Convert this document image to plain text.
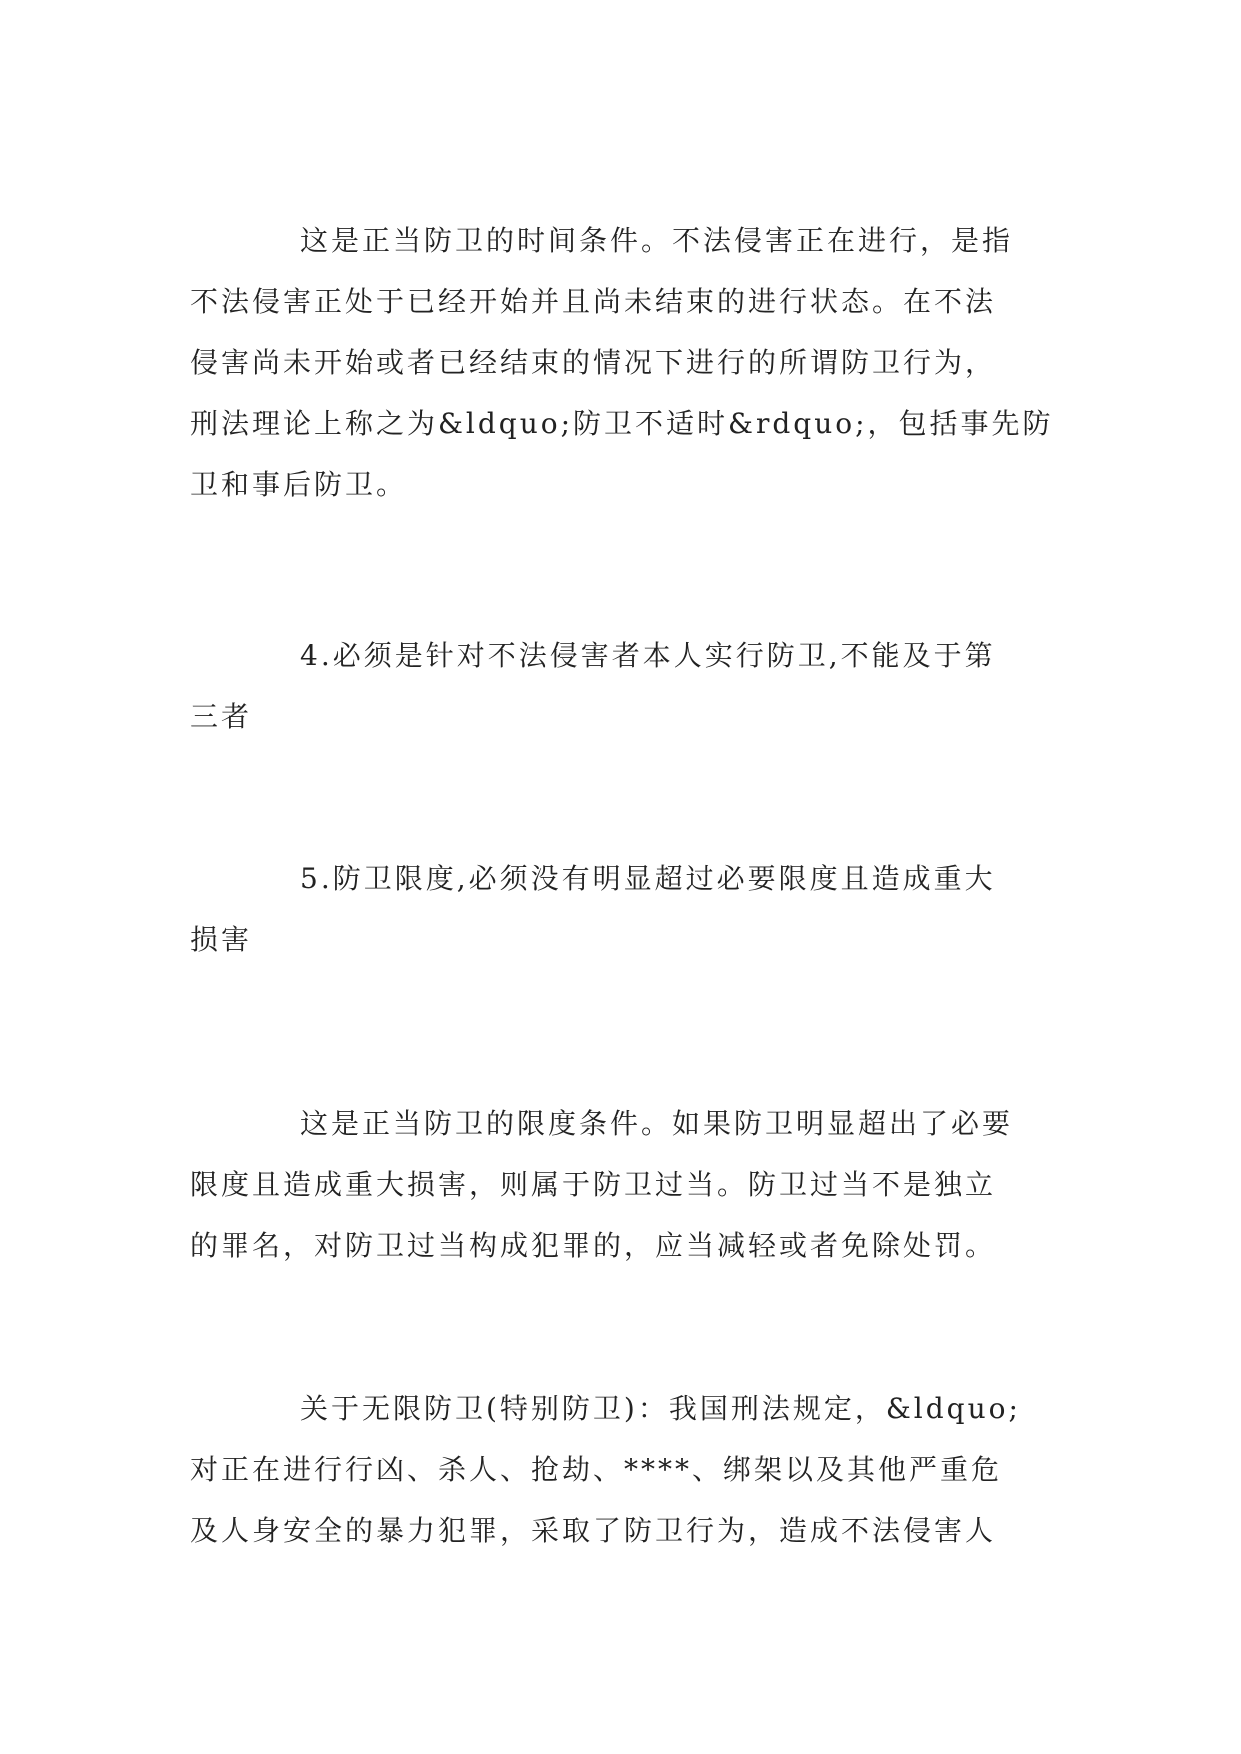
这是正当防卫的时间条件。不法侵害正在进行，是指
不法侵害正处于已经开始并且尚未结束的进行状态。在不法
侵害尚未开始或者已经结束的情况下进行的所谓防卫行为，
刑法理论上称之为&ldquo;防卫不适时&rdquo;，包括事先防
卫和事后防卫。
4.必须是针对不法侵害者本人实行防卫,不能及于第
三者
5.防卫限度,必须没有明显超过必要限度且造成重大
损害
这是正当防卫的限度条件。如果防卫明显超出了必要
限度且造成重大损害，则属于防卫过当。防卫过当不是独立
的罪名，对防卫过当构成犯罪的，应当减轻或者免除处罚。
关于无限防卫(特别防卫)：我国刑法规定，&ldquo;
对正在进行行凶、杀人、抢劫、****、绑架以及其他严重危
及人身安全的暴力犯罪，采取了防卫行为，造成不法侵害人
